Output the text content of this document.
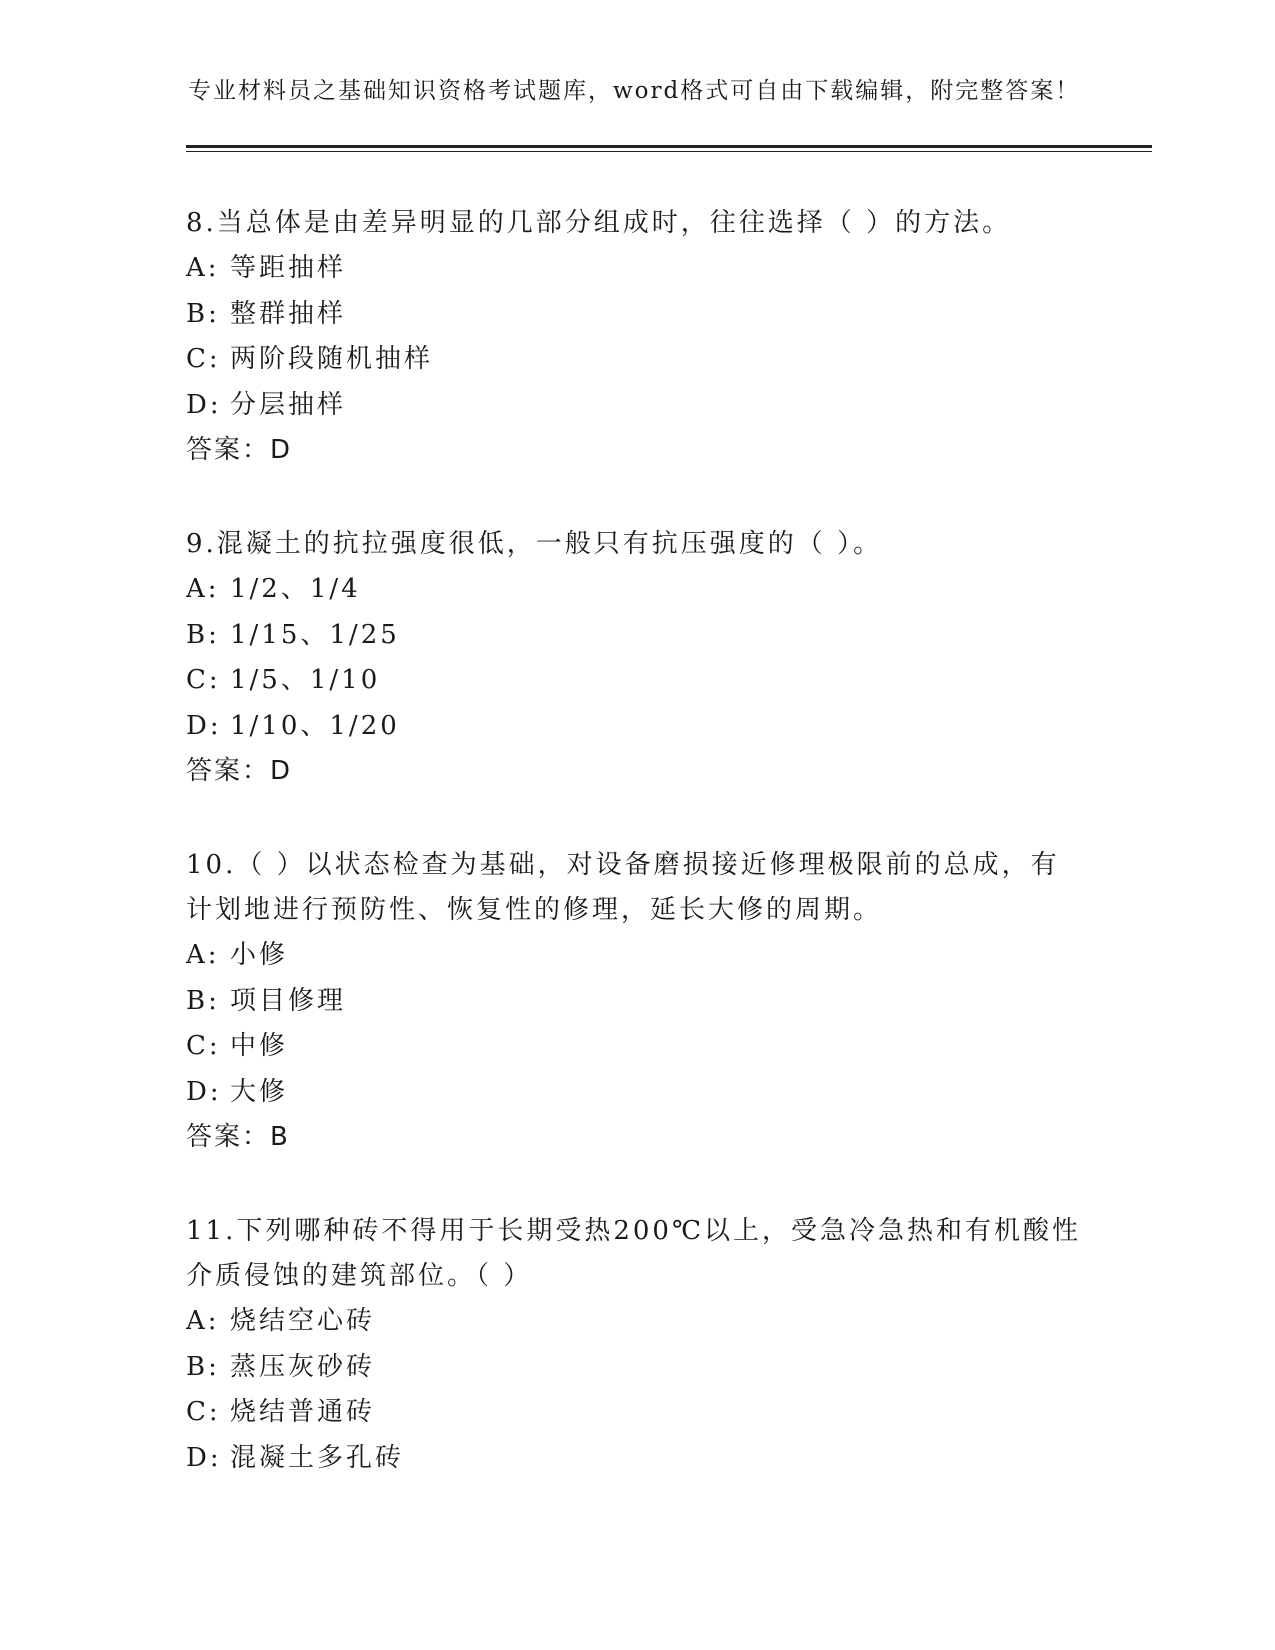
专业材料员之基础知识资格考试题库，word格式可自由下载编辑，附完整答案！

8.当总体是由差异明显的几部分组成时，往往选择（ ）的方法。

A: 等距抽样

B: 整群抽样

C: 两阶段随机抽样

D: 分层抽样

答案：D

9.混凝土的抗拉强度很低，一般只有抗压强度的（ ）。

A: 1/2、1/4

B: 1/15、1/25

C: 1/5、1/10

D: 1/10、1/20

答案：D

10.（ ）以状态检查为基础，对设备磨损接近修理极限前的总成，有计划地进行预防性、恢复性的修理，延长大修的周期。

A: 小修

B: 项目修理

C: 中修

D: 大修

答案：B

11.下列哪种砖不得用于长期受热200℃以上，受急冷急热和有机酸性介质侵蚀的建筑部位。（ ）

A: 烧结空心砖

B: 蒸压灰砂砖

C: 烧结普通砖

D: 混凝土多孔砖
